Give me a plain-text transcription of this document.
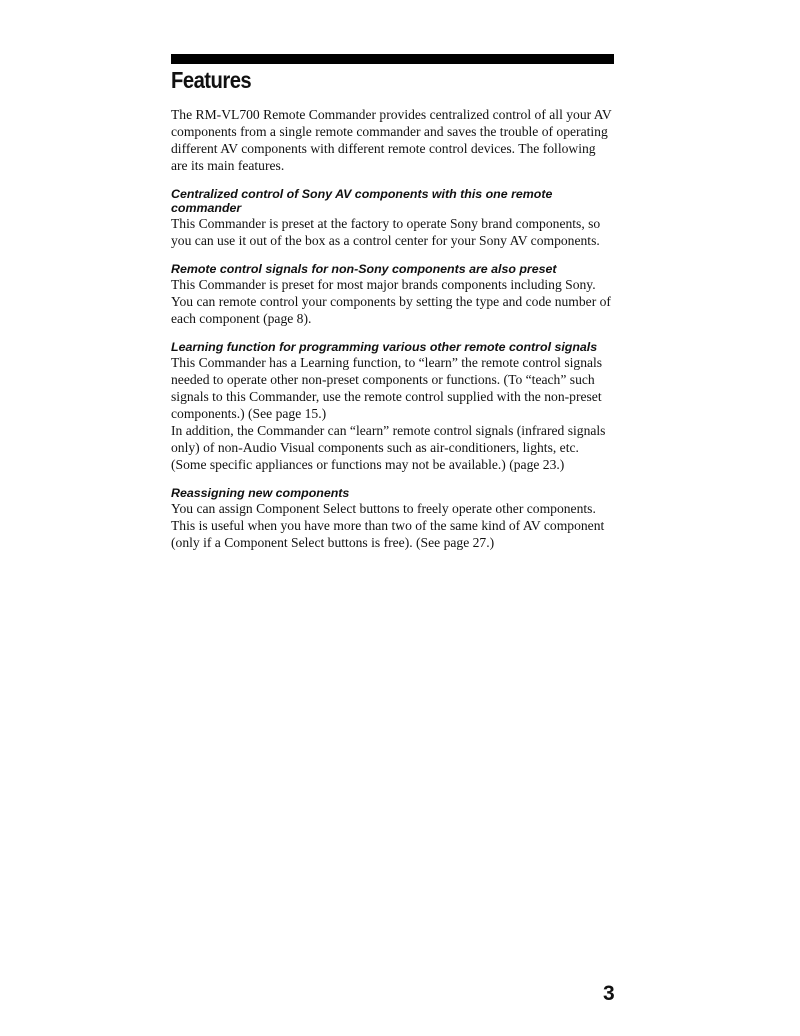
Features

The RM-VL700 Remote Commander provides centralized control of all your AV components from a single remote commander and saves the trouble of operating different AV components with different remote control devices. The following are its main features.

Centralized control of Sony AV components with this one remote commander

This Commander is preset at the factory to operate Sony brand components, so you can use it out of the box as a control center for your Sony AV components.

Remote control signals for non-Sony components are also preset

This Commander is preset for most major brands components including Sony. You can remote control your components by setting the type and code number of each component (page 8).

Learning function for programming various other remote control signals

This Commander has a Learning function, to “learn” the remote control signals needed to operate other non-preset components or functions. (To “teach” such signals to this Commander, use the remote control supplied with the non-preset components.) (See page 15.)

In addition, the Commander can “learn” remote control signals (infrared signals only) of non-Audio Visual components such as air-conditioners, lights, etc. (Some specific appliances or functions may not be available.) (page 23.)

Reassigning new components

You can assign Component Select buttons to freely operate other components. This is useful when you have more than two of the same kind of AV component (only if a Component Select buttons is free). (See page 27.)

3
